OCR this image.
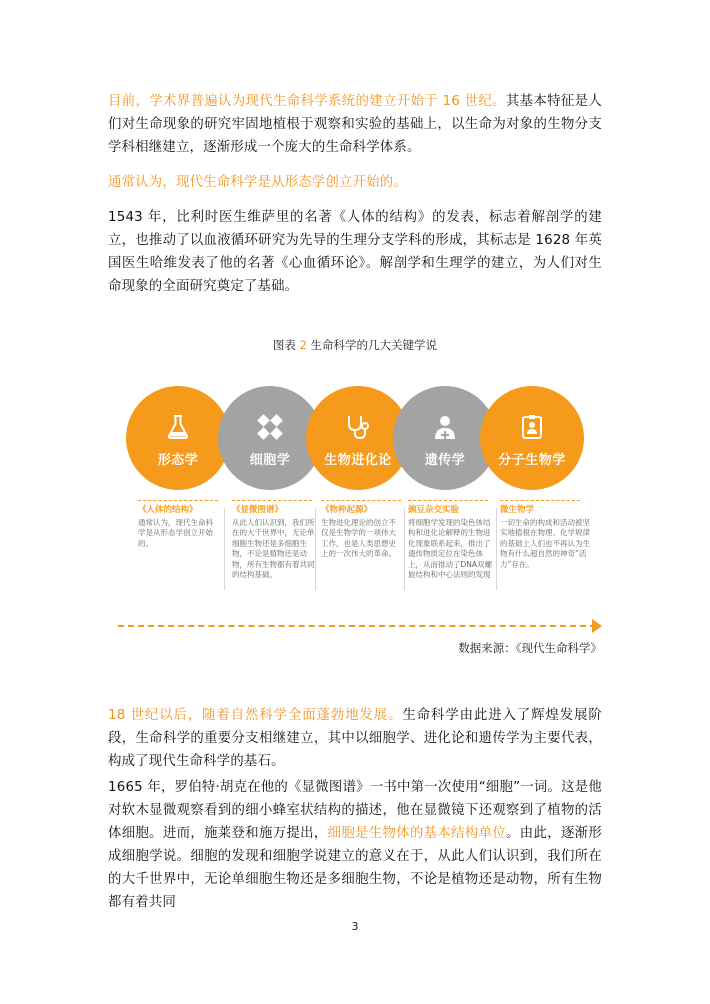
目前，学术界普遍认为现代生命科学系统的建立开始于 16 世纪。其基本特征是人们对生命现象的研究牢固地植根于观察和实验的基础上，以生命为对象的生物分支学科相继建立，逐渐形成一个庞大的生命科学体系。

通常认为，现代生命科学是从形态学创立开始的。

1543 年，比利时医生维萨里的名著《人体的结构》的发表，标志着解剖学的建立，也推动了以血液循环研究为先导的生理分支学科的形成，其标志是 1628 年英国医生哈维发表了他的名著《心血循环论》。解剖学和生理学的建立，为人们对生命现象的全面研究奠定了基础。

图表 2 生命科学的几大关键学说
形态学	细胞学	生物进化论	遗传学	分子生物学
《人体的结构》
通常认为，现代生命科学是从形态学创立开始的。
《显微图谱》
从此人们认识到，我们所在的大千世界中，无论单细胞生物还是多细胞生物，不论是植物还是动物，所有生物都有着共同的结构基础。
《物种起源》
生物进化理论的创立不仅是生物学的一项伟大工作，也是人类思想史上的一次伟大的革命。
豌豆杂交实验
将细胞学发现的染色体结构和进化论解释的生物进化现象联系起来，推出了遗传物质定位在染色体上，从而推动了DNA双螺旋结构和中心法则的发现
微生物学
一切生命的构成和活动被坚实地植根在物理、化学规律的基础上人们也不再认为生物有什么超自然的神奇“活力”存在。
数据来源：《现代生命科学》

18 世纪以后，随着自然科学全面蓬勃地发展。生命科学由此进入了辉煌发展阶段，生命科学的重要分支相继建立，其中以细胞学、进化论和遗传学为主要代表，构成了现代生命科学的基石。

1665 年，罗伯特·胡克在他的《显微图谱》一书中第一次使用“细胞”一词。这是他对软木显微观察看到的细小蜂室状结构的描述，他在显微镜下还观察到了植物的活体细胞。进而，施莱登和施万提出，细胞是生物体的基本结构单位。由此，逐渐形成细胞学说。细胞的发现和细胞学说建立的意义在于，从此人们认识到，我们所在的大千世界中，无论单细胞生物还是多细胞生物，不论是植物还是动物，所有生物都有着共同

3
